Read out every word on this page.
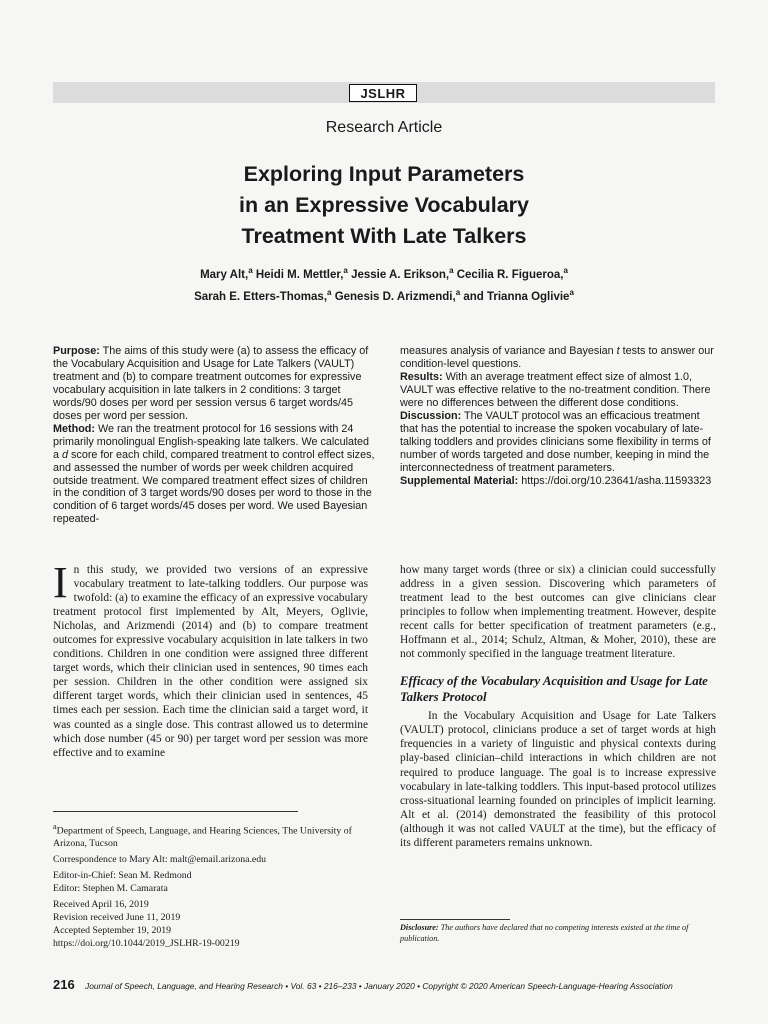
JSLHR
Research Article
Exploring Input Parameters
in an Expressive Vocabulary
Treatment With Late Talkers
Mary Alt,$^a$ Heidi M. Mettler,$^a$ Jessie A. Erikson,$^a$ Cecilia R. Figueroa,$^a$
Sarah E. Etters-Thomas,$^a$ Genesis D. Arizmendi,$^a$ and Trianna Oglivie$^a$

Purpose: The aims of this study were (a) to assess the efficacy of the Vocabulary Acquisition and Usage for Late Talkers (VAULT) treatment and (b) to compare treatment outcomes for expressive vocabulary acquisition in late talkers in 2 conditions: 3 target words/90 doses per word per session versus 6 target words/45 doses per word per session.

Method: We ran the treatment protocol for 16 sessions with 24 primarily monolingual English-speaking late talkers. We calculated a d score for each child, compared treatment to control effect sizes, and assessed the number of words per week children acquired outside treatment. We compared treatment effect sizes of children in the condition of 3 target words/90 doses per word to those in the condition of 6 target words/45 doses per word. We used Bayesian repeated-

measures analysis of variance and Bayesian t tests to answer our condition-level questions.

Results: With an average treatment effect size of almost 1.0, VAULT was effective relative to the no-treatment condition. There were no differences between the different dose conditions.

Discussion: The VAULT protocol was an efficacious treatment that has the potential to increase the spoken vocabulary of late-talking toddlers and provides clinicians some flexibility in terms of number of words targeted and dose number, keeping in mind the interconnectedness of treatment parameters.

Supplemental Material: https://doi.org/10.23641/asha.11593323

I n this study, we provided two versions of an expressive vocabulary treatment to late-talking toddlers. Our purpose was twofold: (a) to examine the efficacy of an expressive vocabulary treatment protocol first implemented by Alt, Meyers, Oglivie, Nicholas, and Arizmendi (2014) and (b) to compare treatment outcomes for expressive vocabulary acquisition in late talkers in two conditions. Children in one condition were assigned three different target words, which their clinician used in sentences, 90 times each per session. Children in the other condition were assigned six different target words, which their clinician used in sentences, 45 times each per session. Each time the clinician said a target word, it was counted as a single dose. This contrast allowed us to determine which dose number (45 or 90) per target word per session was more effective and to examine

$^a$Department of Speech, Language, and Hearing Sciences, The University of Arizona, Tucson
Correspondence to Mary Alt: malt@email.arizona.edu
Editor-in-Chief: Sean M. Redmond
Editor: Stephen M. Camarata
Received April 16, 2019
Revision received June 11, 2019
Accepted September 19, 2019
https://doi.org/10.1044/2019_JSLHR-19-00219

how many target words (three or six) a clinician could successfully address in a given session. Discovering which parameters of treatment lead to the best outcomes can give clinicians clear principles to follow when implementing treatment. However, despite recent calls for better specification of treatment parameters (e.g., Hoffmann et al., 2014; Schulz, Altman, & Moher, 2010), these are not commonly specified in the language treatment literature.

Efficacy of the Vocabulary Acquisition and Usage for Late Talkers Protocol

In the Vocabulary Acquisition and Usage for Late Talkers (VAULT) protocol, clinicians produce a set of target words at high frequencies in a variety of linguistic and physical contexts during play-based clinician–child interactions in which children are not required to produce language. The goal is to increase expressive vocabulary in late-talking toddlers. This input-based protocol utilizes cross-situational learning founded on principles of implicit learning. Alt et al. (2014) demonstrated the feasibility of this protocol (although it was not called VAULT at the time), but the efficacy of its different parameters remains unknown.

Disclosure: The authors have declared that no competing interests existed at the time of publication.
216 Journal of Speech, Language, and Hearing Research • Vol. 63 • 216–233 • January 2020 • Copyright © 2020 American Speech-Language-Hearing Association
